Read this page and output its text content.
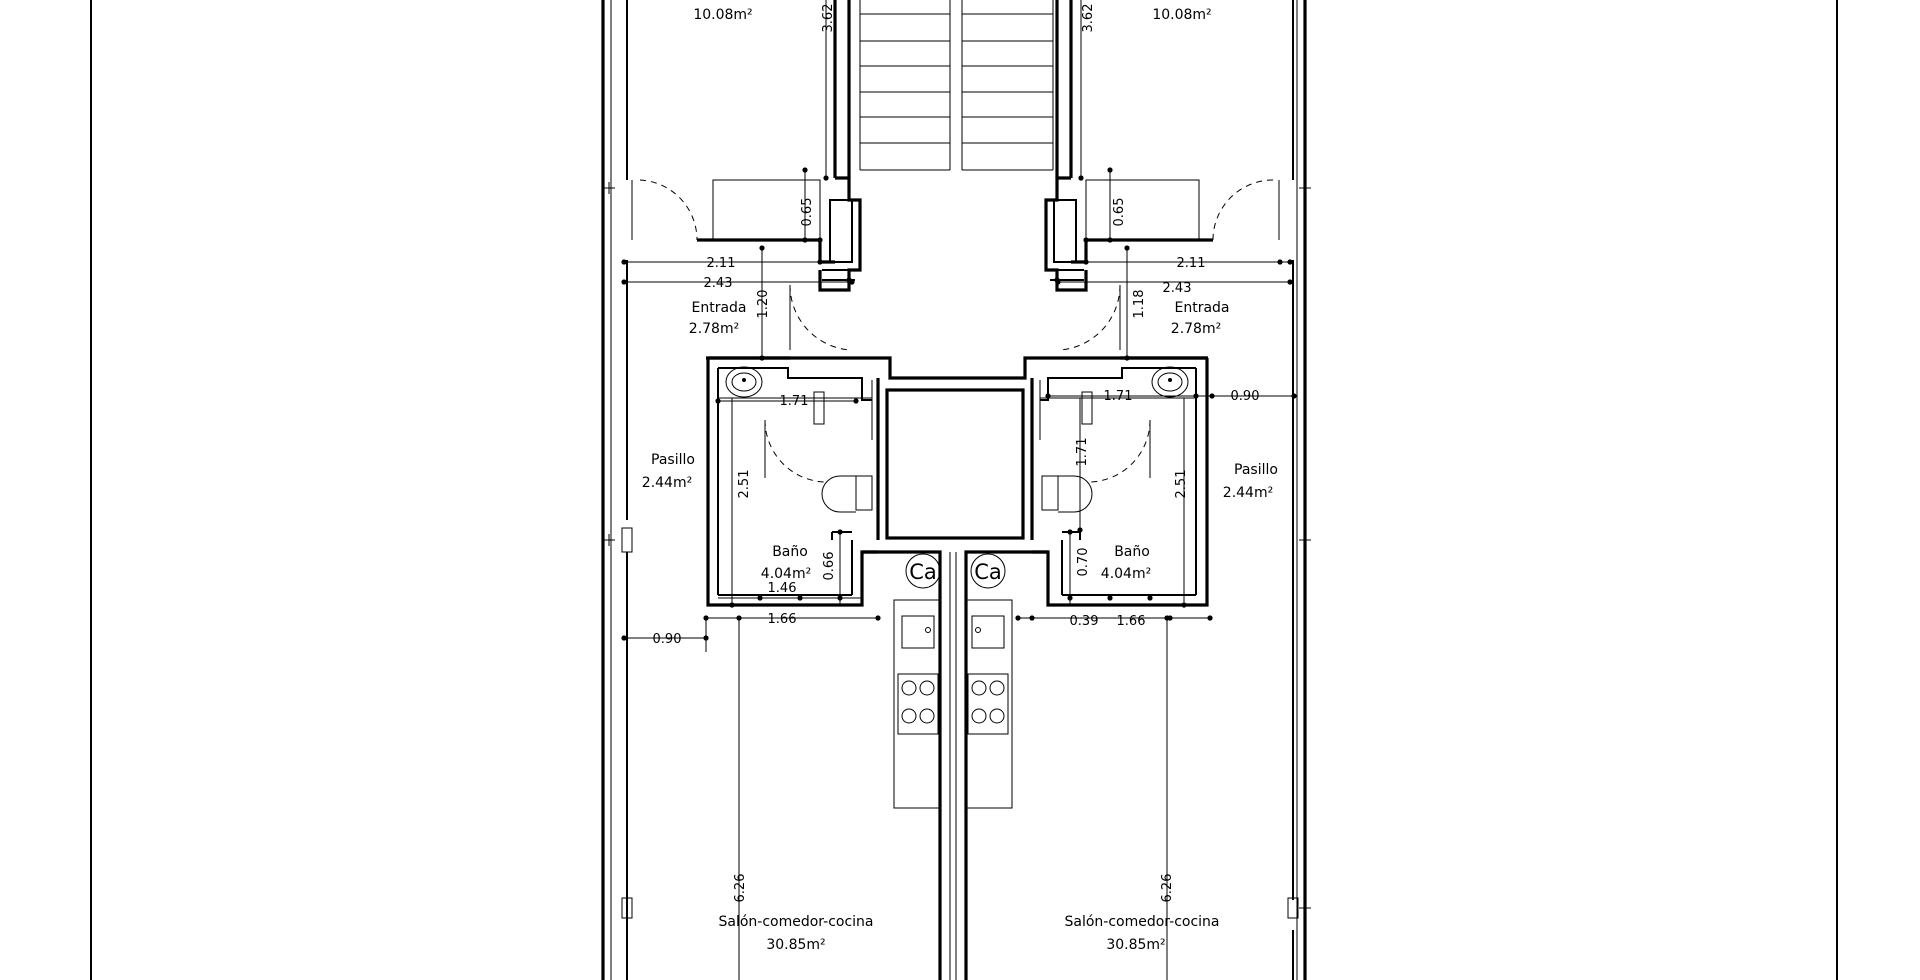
10.08m²	10.08m²
Entrada
2.78m²
Entrada
2.78m²
Pasillo
2.44m²
Pasillo
2.44m²
Baño
4.04m²
Baño
4.04m²
Salón-comedor-cocina
30.85m²
Salón-comedor-cocina
30.85m²
Ca Ca
3.62	3.62
0.65	0.65
2.11	2.11
2.43	2.43
1.20	1.18
1.71	1.71
1.71
0.90
2.51	2.51
0.66	0.70
1.46
1.66	1.66
0.39
0.90
6.26	6.26
